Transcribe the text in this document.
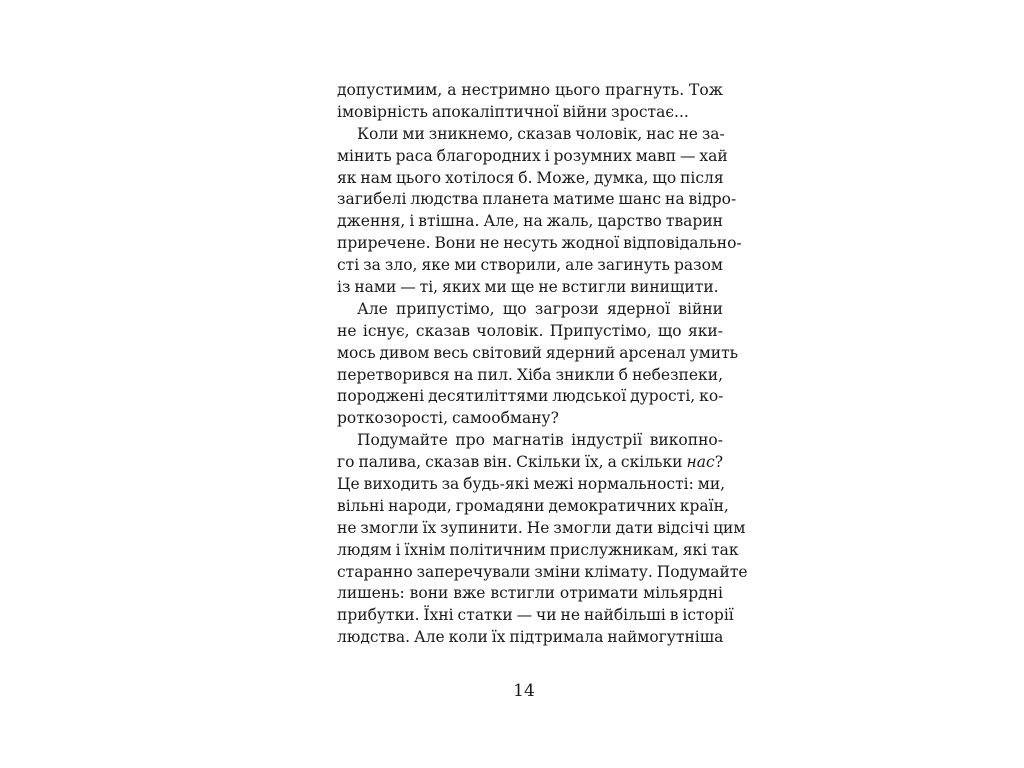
допустимим, а нестримно цього прагнуть. Тож
імовірність апокаліптичної війни зростає...
Коли ми зникнемо, сказав чоловік, нас не за-
мінить раса благородних і розумних мавп — хай
як нам цього хотілося б. Може, думка, що після
загибелі людства планета матиме шанс на відро-
дження, і втішна. Але, на жаль, царство тварин
приречене. Вони не несуть жодної відповідально-
сті за зло, яке ми створили, але загинуть разом
із нами — ті, яких ми ще не встигли винищити.
Але припустімо, що загрози ядерної війни
не існує, сказав чоловік. Припустімо, що яки-
мось дивом весь світовий ядерний арсенал умить
перетворився на пил. Хіба зникли б небезпеки,
породжені десятиліттями людської дурості, ко-
роткозорості, самообману?
Подумайте про магнатів індустрії викопно-
го палива, сказав він. Скільки їх, а скільки нас?
Це виходить за будь-які межі нормальності: ми,
вільні народи, громадяни демократичних країн,
не змогли їх зупинити. Не змогли дати відсічі цим
людям і їхнім політичним прислужникам, які так
старанно заперечували зміни клімату. Подумайте
лишень: вони вже встигли отримати мільярдні
прибутки. Їхні статки — чи не найбільші в історії
людства. Але коли їх підтримала наймогутніша
14
